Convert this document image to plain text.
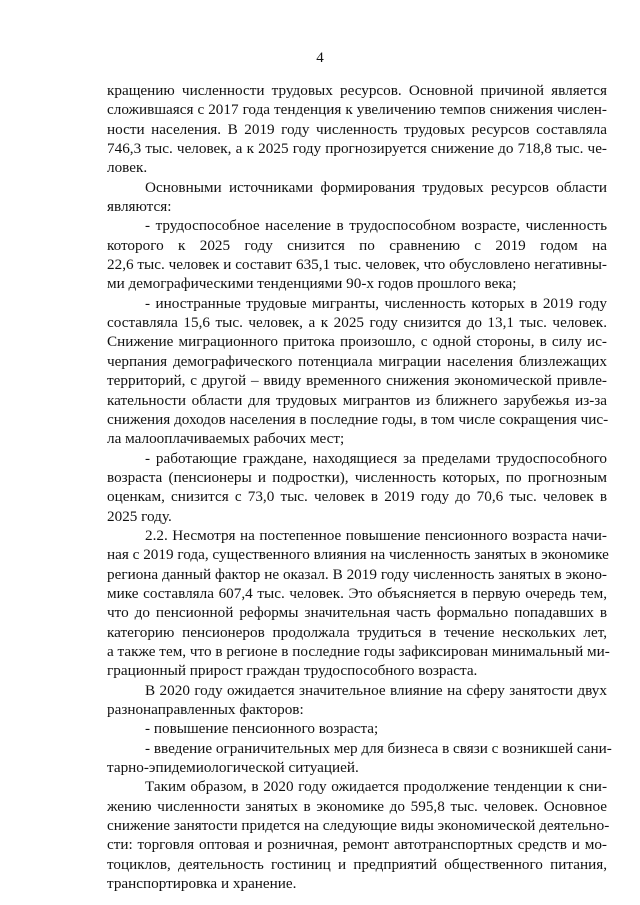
4
кращению численности трудовых ресурсов. Основной причиной является
сложившаяся с 2017 года тенденция к увеличению темпов снижения числен-
ности населения. В 2019 году численность трудовых ресурсов составляла
746,3 тыс. человек, а к 2025 году прогнозируется снижение до 718,8 тыс. че-
ловек.
Основными источниками формирования трудовых ресурсов области
являются:
- трудоспособное население в трудоспособном возрасте, численность
которого к 2025 году снизится по сравнению с 2019 годом на
22,6 тыс. человек и составит 635,1 тыс. человек, что обусловлено негативны-
ми демографическими тенденциями 90-х годов прошлого века;
- иностранные трудовые мигранты, численность которых в 2019 году
составляла 15,6 тыс. человек, а к 2025 году снизится до 13,1 тыс. человек.
Снижение миграционного притока произошло, с одной стороны, в силу ис-
черпания демографического потенциала миграции населения близлежащих
территорий, с другой – ввиду временного снижения экономической привле-
кательности области для трудовых мигрантов из ближнего зарубежья из-за
снижения доходов населения в последние годы, в том числе сокращения чис-
ла малооплачиваемых рабочих мест;
- работающие граждане, находящиеся за пределами трудоспособного
возраста (пенсионеры и подростки), численность которых, по прогнозным
оценкам, снизится с 73,0 тыс. человек в 2019 году до 70,6 тыс. человек в
2025 году.
2.2. Несмотря на постепенное повышение пенсионного возраста начи-
ная с 2019 года, существенного влияния на численность занятых в экономике
региона данный фактор не оказал. В 2019 году численность занятых в эконо-
мике составляла 607,4 тыс. человек. Это объясняется в первую очередь тем,
что до пенсионной реформы значительная часть формально попадавших в
категорию пенсионеров продолжала трудиться в течение нескольких лет,
а также тем, что в регионе в последние годы зафиксирован минимальный ми-
грационный прирост граждан трудоспособного возраста.
В 2020 году ожидается значительное влияние на сферу занятости двух
разнонаправленных факторов:
- повышение пенсионного возраста;
- введение ограничительных мер для бизнеса в связи с возникшей сани-
тарно-эпидемиологической ситуацией.
Таким образом, в 2020 году ожидается продолжение тенденции к сни-
жению численности занятых в экономике до 595,8 тыс. человек. Основное
снижение занятости придется на следующие виды экономической деятельно-
сти: торговля оптовая и розничная, ремонт автотранспортных средств и мо-
тоциклов, деятельность гостиниц и предприятий общественного питания,
транспортировка и хранение.
